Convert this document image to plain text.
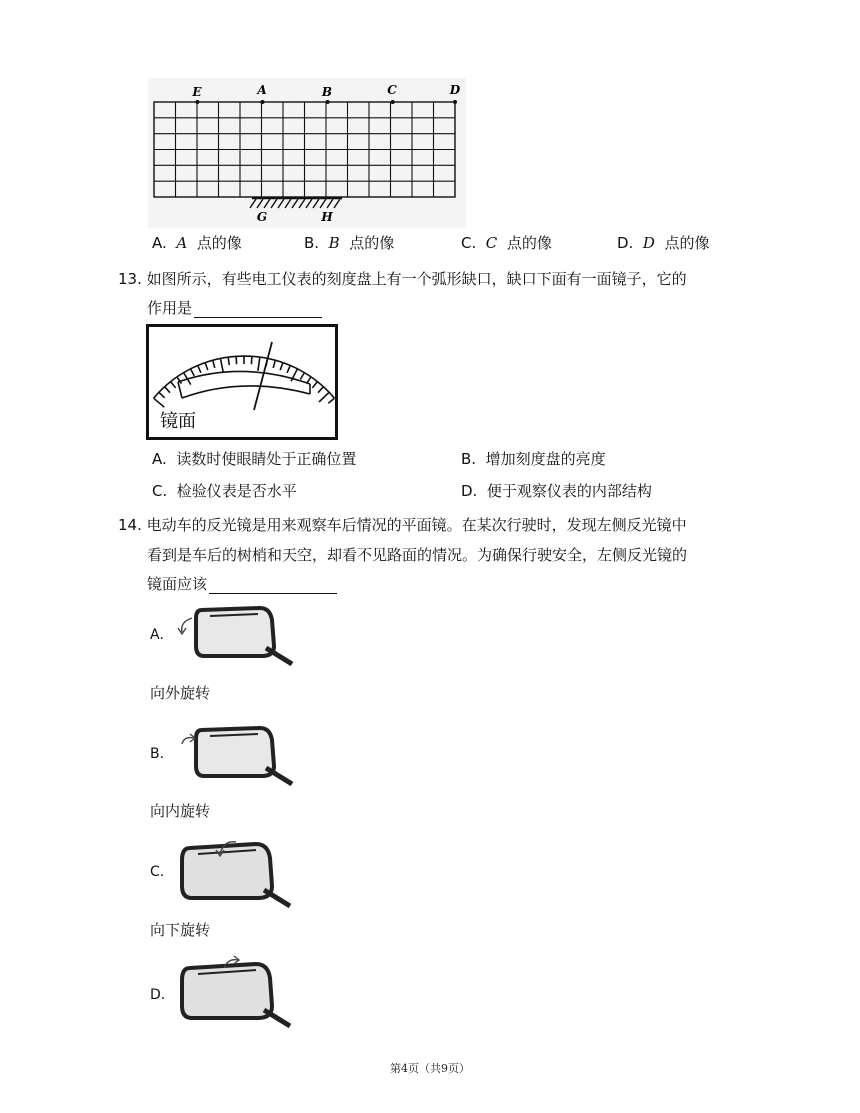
E	A	B	C	D
G	H
A. A 点的像	B. B 点的像	C. C 点的像	D. D 点的像
13. 如图所示，有些电工仪表的刻度盘上有一个弧形缺口，缺口下面有一面镜子，它的
作用是
镜面
A. 读数时使眼睛处于正确位置	B. 增加刻度盘的亮度
C. 检验仪表是否水平	D. 便于观察仪表的内部结构
14. 电动车的反光镜是用来观察车后情况的平面镜。在某次行驶时，发现左侧反光镜中
看到是车后的树梢和天空，却看不见路面的情况。为确保行驶安全，左侧反光镜的
镜面应该
A.
向外旋转
B.
向内旋转
C.
向下旋转
D.
第4页（共9页）
